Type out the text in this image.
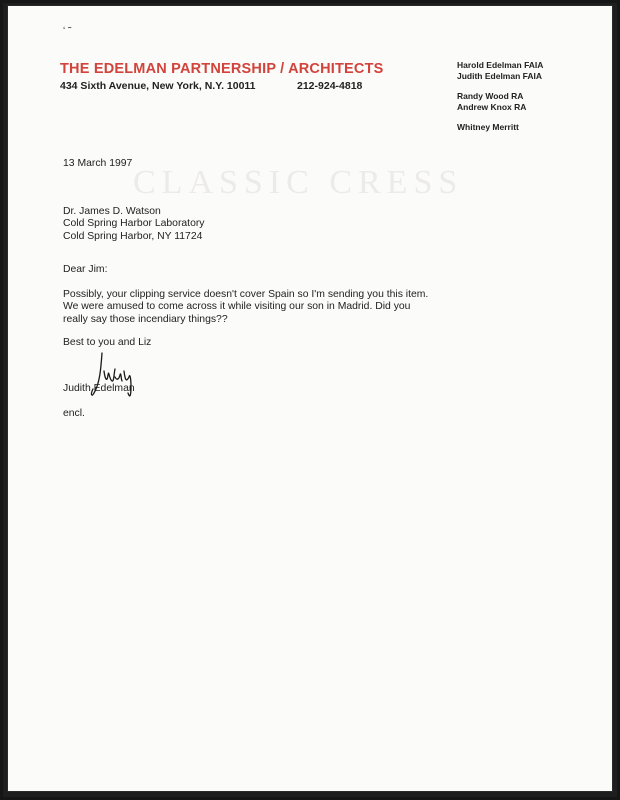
ʻ ˜
THE EDELMAN PARTNERSHIP / ARCHITECTS
434 Sixth Avenue, New York, N.Y. 10011	212-924-4818
Harold Edelman FAIA
Judith Edelman FAIA
Randy Wood RA
Andrew Knox RA
Whitney Merritt
CLASSIC CRESS
13 March 1997
Dr. James D. Watson
Cold Spring Harbor Laboratory
Cold Spring Harbor, NY 11724
Dear Jim:
Possibly, your clipping service doesn't cover Spain so I'm sending you this item.
We were amused to come across it while visiting our son in Madrid. Did you
really say those incendiary things??
Best to you and Liz
Judith Edelman
encl.
